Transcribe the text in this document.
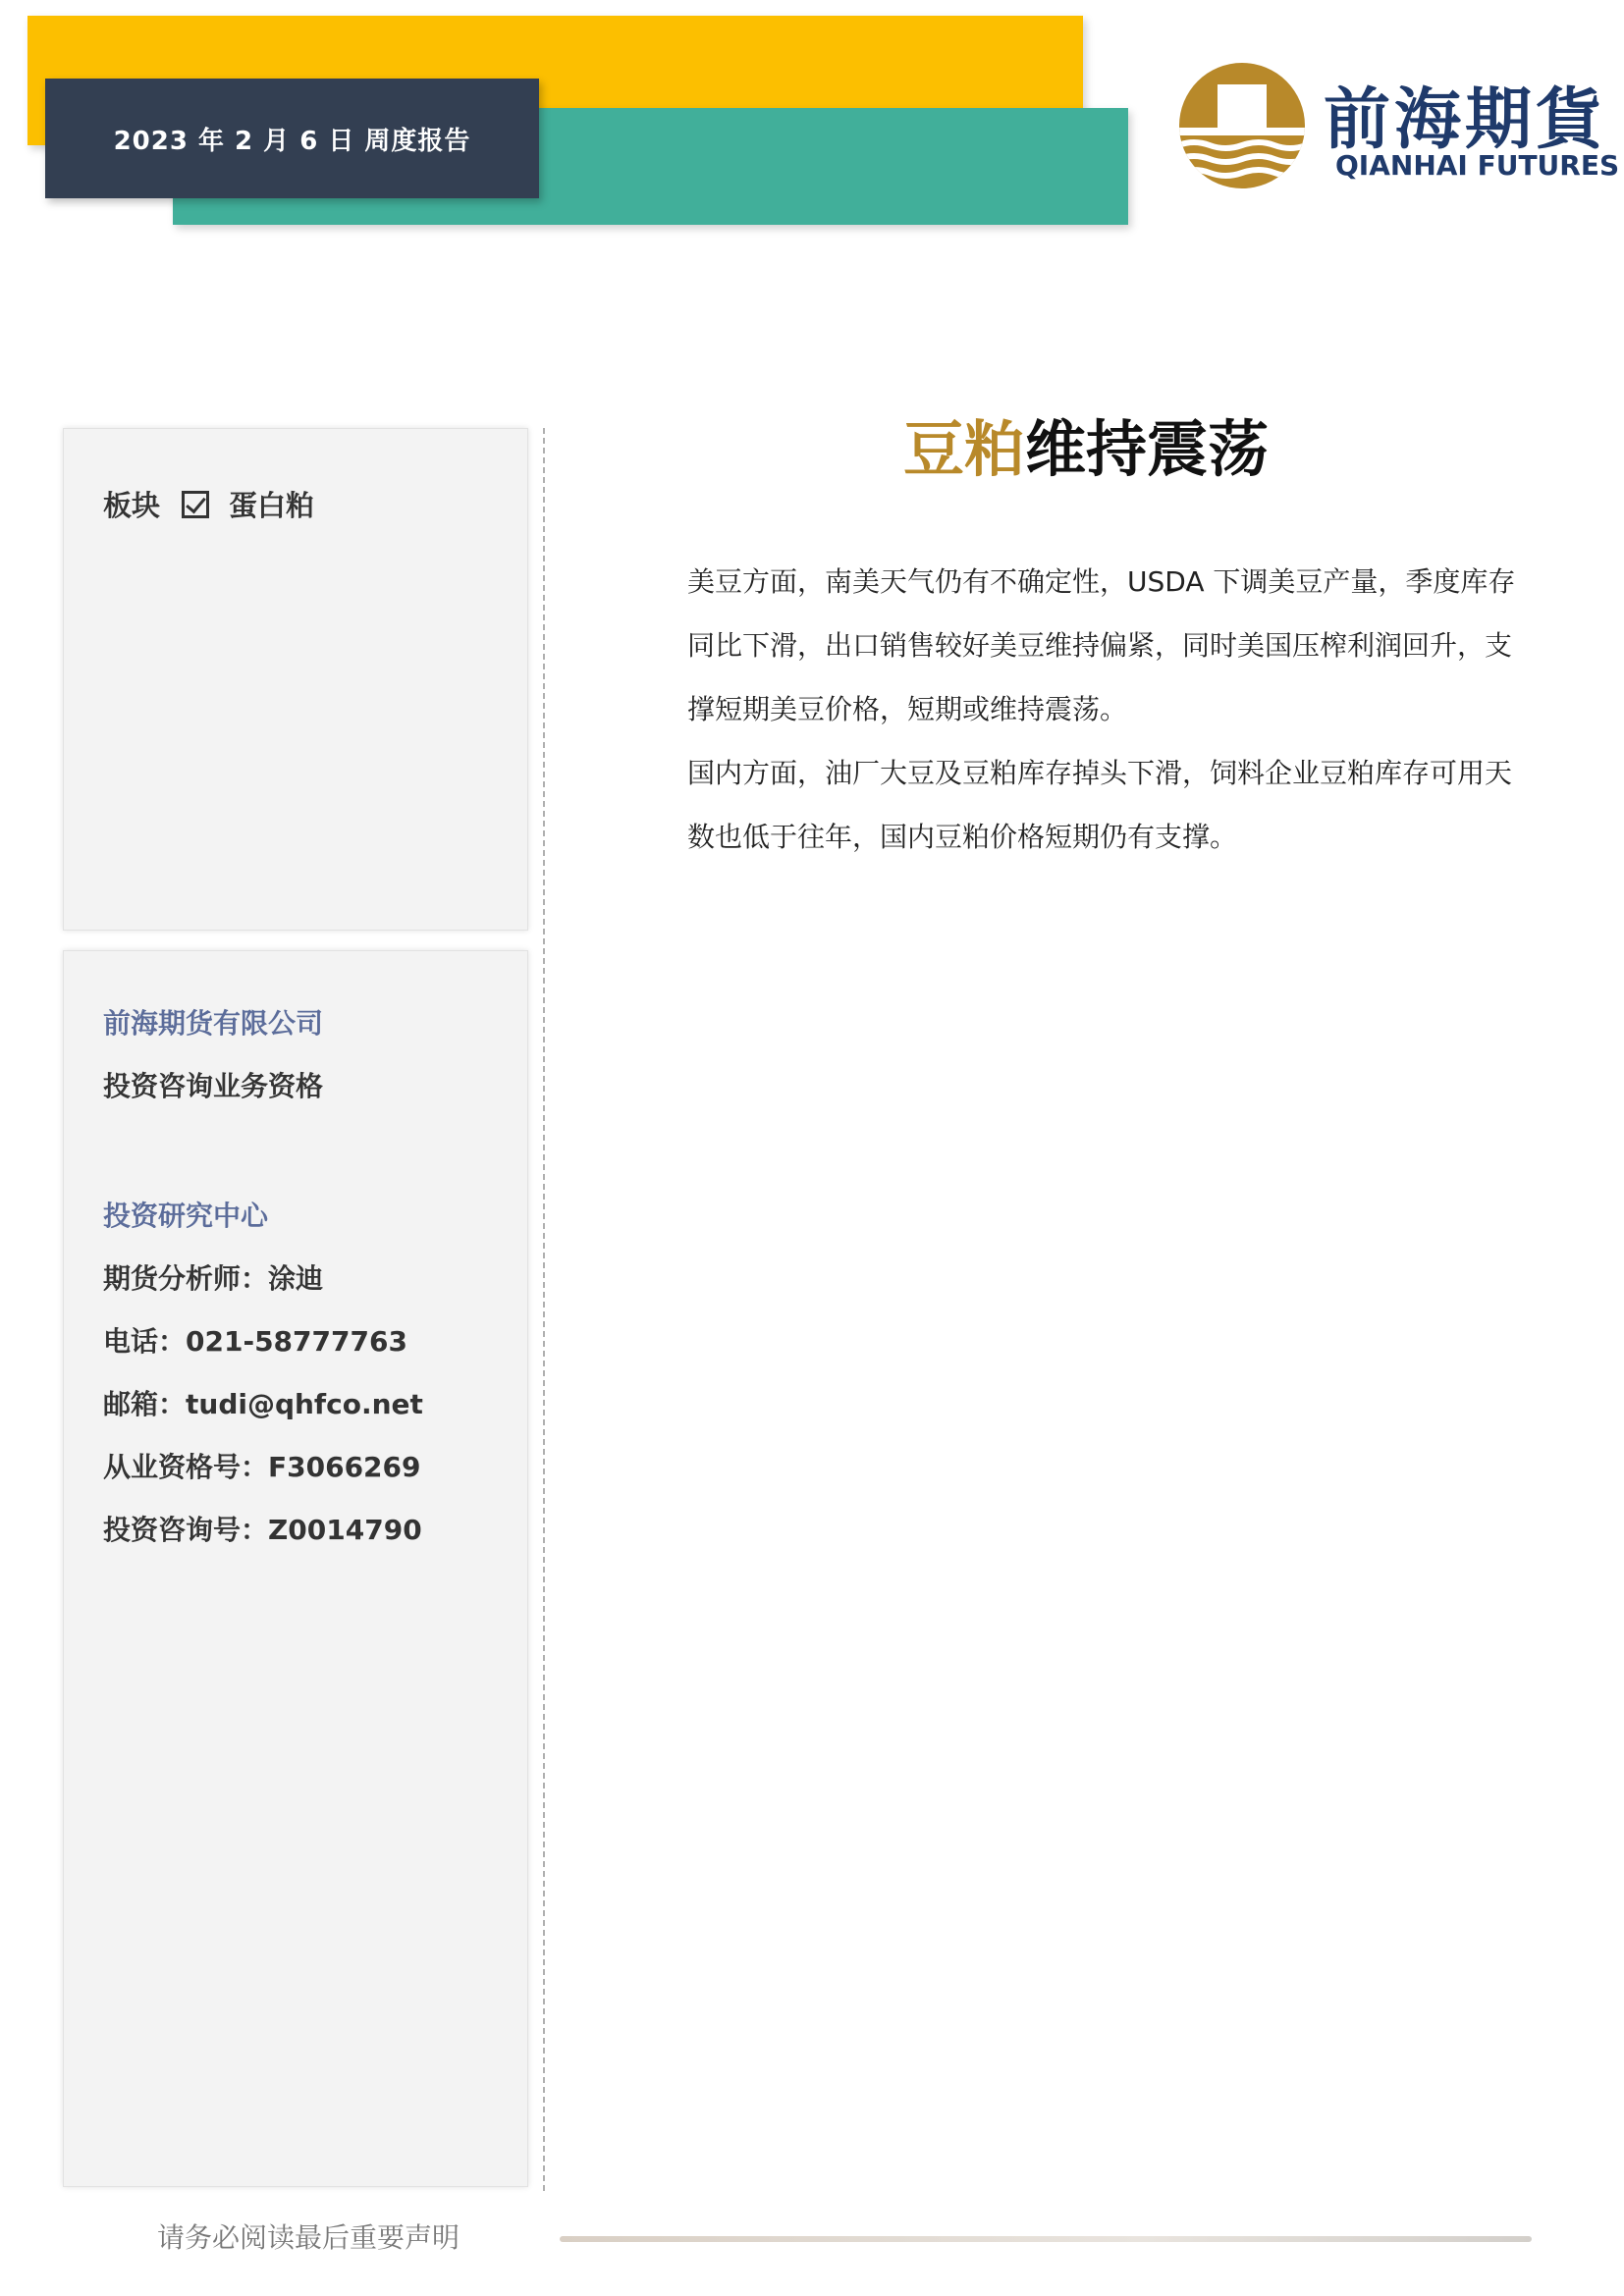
2023 年 2 月 6 日 周度报告	前海期貨
QIANHAI FUTURES
板块 蛋白粕
前海期货有限公司
投资咨询业务资格
投资研究中心
期货分析师：涂迪
电话：021-58777763
邮箱：tudi@qhfco.net
从业资格号：F3066269
投资咨询号：Z0014790
豆粕维持震荡

美豆方面，南美天气仍有不确定性，USDA 下调美豆产量，季度库存同比下滑，出口销售较好美豆维持偏紧，同时美国压榨利润回升，支撑短期美豆价格，短期或维持震荡。

国内方面，油厂大豆及豆粕库存掉头下滑，饲料企业豆粕库存可用天数也低于往年，国内豆粕价格短期仍有支撑。

请务必阅读最后重要声明
